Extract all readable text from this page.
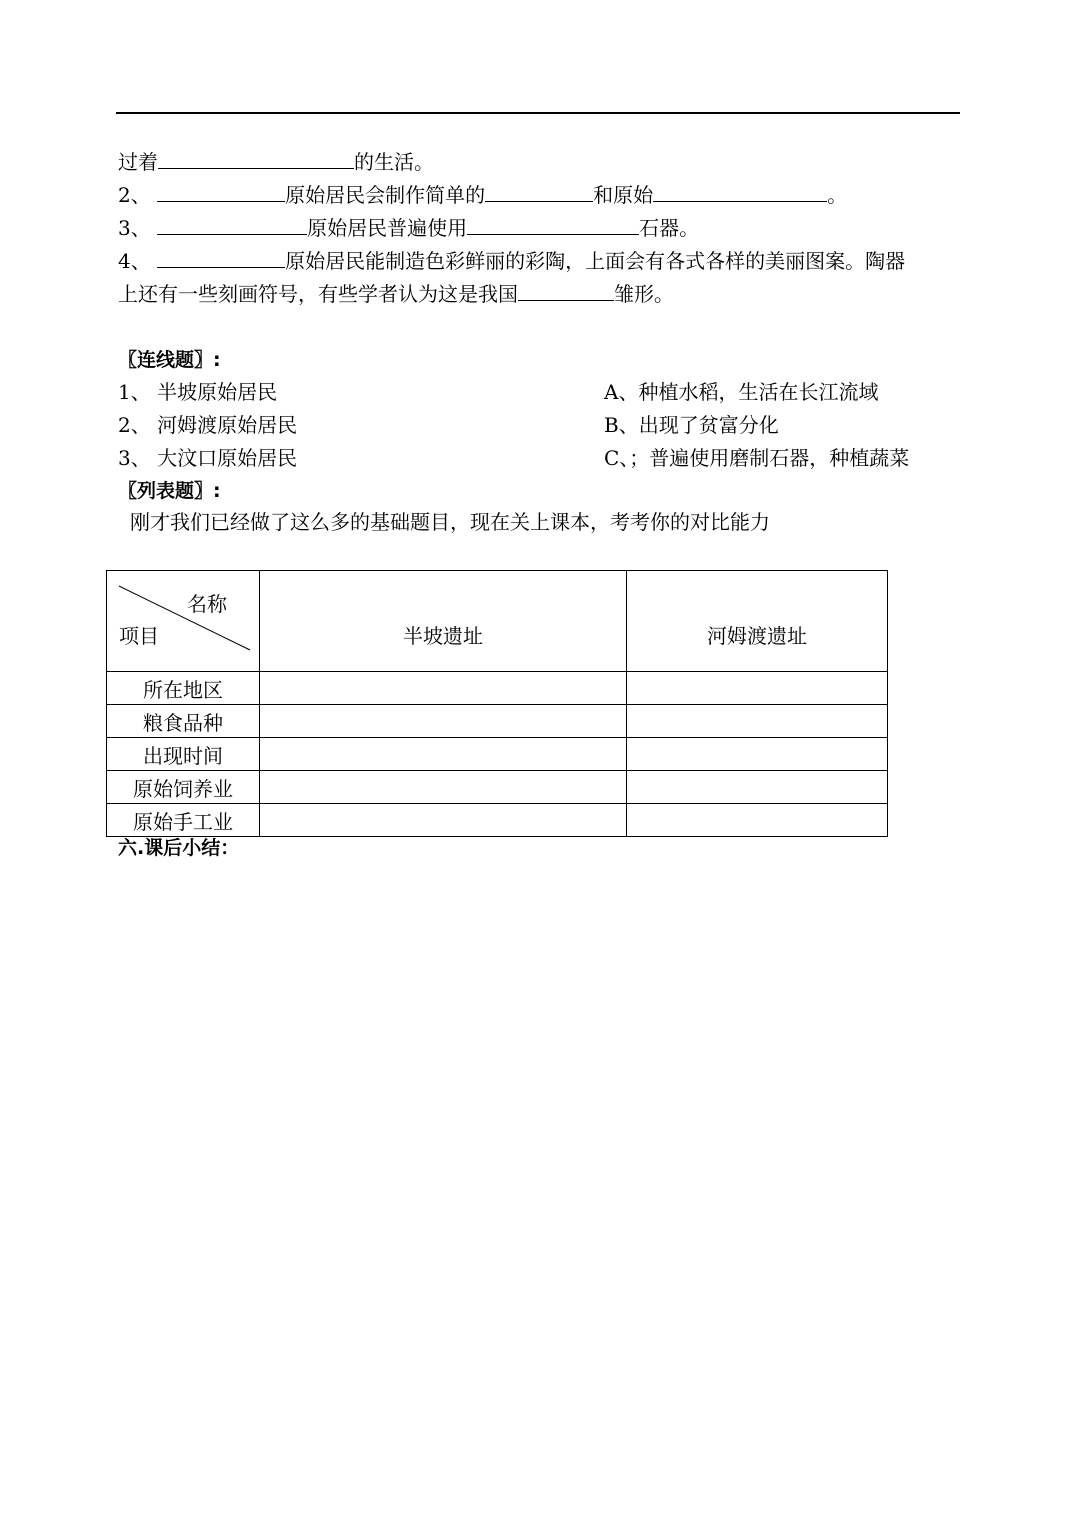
过着	的生活。
2、	原始居民会制作简单的	和原始	。
3、	原始居民普遍使用	石器。
4、	原始居民能制造色彩鲜丽的彩陶，上面会有各式各样的美丽图案。陶器
上还有一些刻画符号，有些学者认为这是我国	雏形。
〖连线题〗:
1、 半坡原始居民
2、 河姆渡原始居民
3、 大汶口原始居民
A、种植水稻，生活在长江流域
B、出现了贫富分化
C、；普遍使用磨制石器，种植蔬菜
〖列表题〗:
刚才我们已经做了这么多的基础题目，现在关上课本，考考你的对比能力
名称
项目	半坡遗址	河姆渡遗址
所在地区		
粮食品种		
出现时间		
原始饲养业		
原始手工业		
六.课后小结：
